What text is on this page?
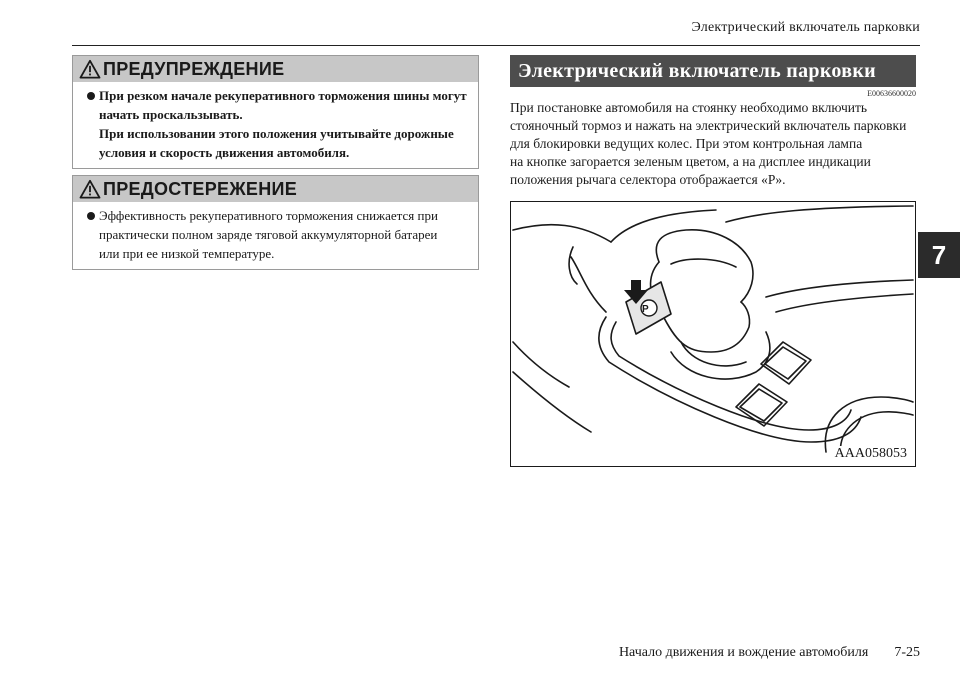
Электрический включатель парковки
7
ПРЕДУПРЕЖДЕНИЕ
При резком начале рекуперативного торможения шины могут
начать проскальзывать.
При использовании этого положения учитывайте дорожные
условия и скорость движения автомобиля.
ПРЕДОСТЕРЕЖЕНИЕ
Эффективность рекуперативного торможения снижается при
практически полном заряде тяговой аккумуляторной батареи
или при ее низкой температуре.
Электрический включатель парковки
E00636600020
При постановке автомобиля на стоянку необходимо включить
стояночный тормоз и нажать на электрический включатель парковки
для блокировки ведущих колес. При этом контрольная лампа
на кнопке загорается зеленым цветом, а на дисплее индикации
положения рычага селектора отображается «P».
P
AAA058053
Начало движения и вождение автомобиля 7-25
